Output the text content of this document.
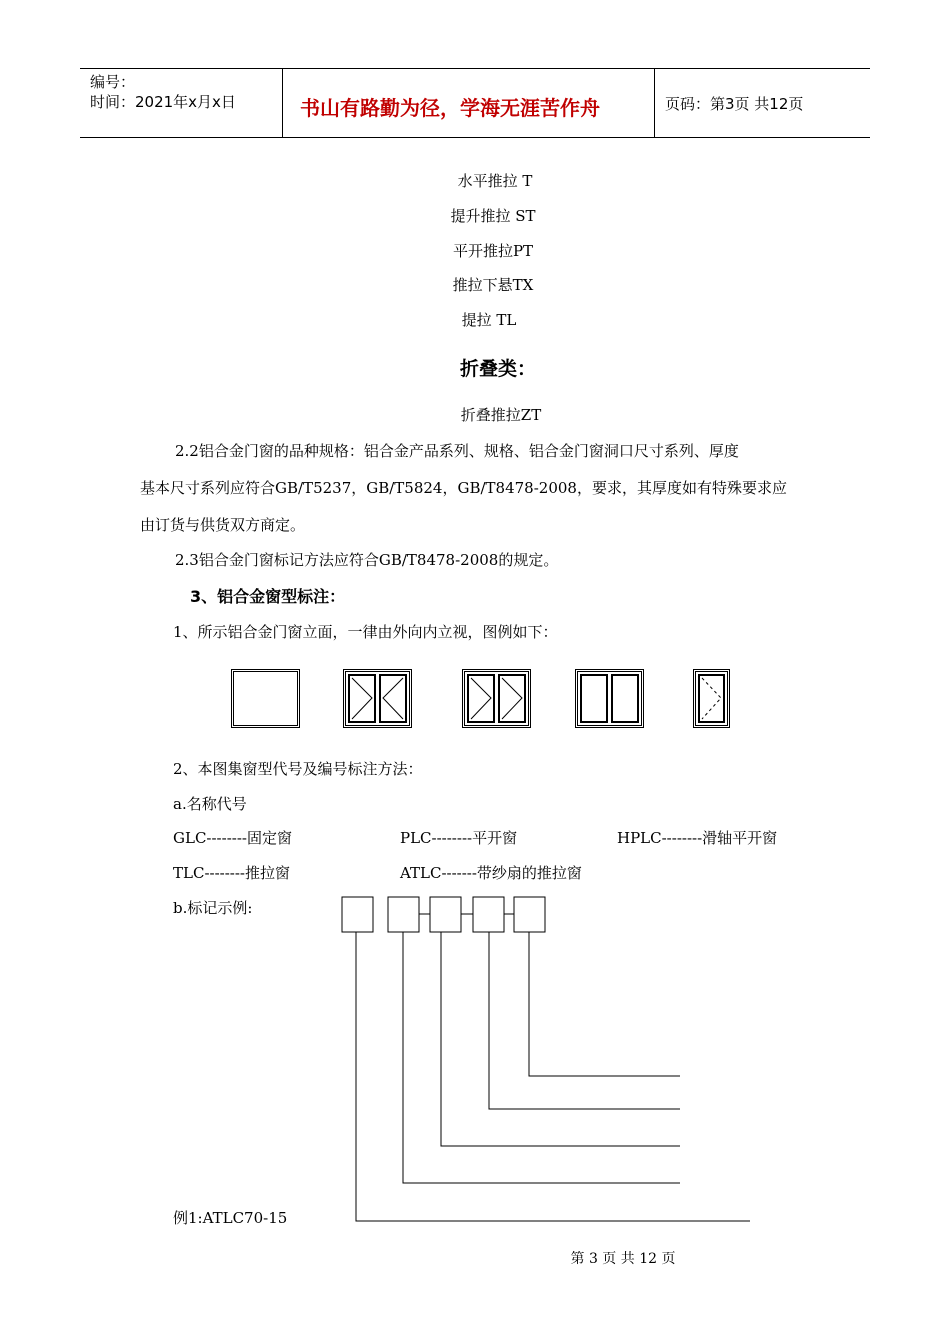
编号：
时间：2021年x月x日	书山有路勤为径，学海无涯苦作舟	页码：第3页 共12页
水平推拉 T
提升推拉 ST
平开推拉PT
推拉下悬TX
提拉 TL
折叠类：
折叠推拉ZT
2.2铝合金门窗的品种规格：铝合金产品系列、规格、铝合金门窗洞口尺寸系列、厚度
基本尺寸系列应符合GB/T5237，GB/T5824，GB/T8478-2008，要求，其厚度如有特殊要求应
由订货与供货双方商定。
2.3铝合金门窗标记方法应符合GB/T8478-2008的规定。
3、铝合金窗型标注：
1、所示铝合金门窗立面，一律由外向内立视，图例如下：
2、本图集窗型代号及编号标注方法：
a.名称代号
GLC--------固定窗	PLC--------平开窗	HPLC--------滑轴平开窗
TLC--------推拉窗	ATLC-------带纱扇的推拉窗
b.标记示例:
例1:ATLC70-15
第 3 页 共 12 页
